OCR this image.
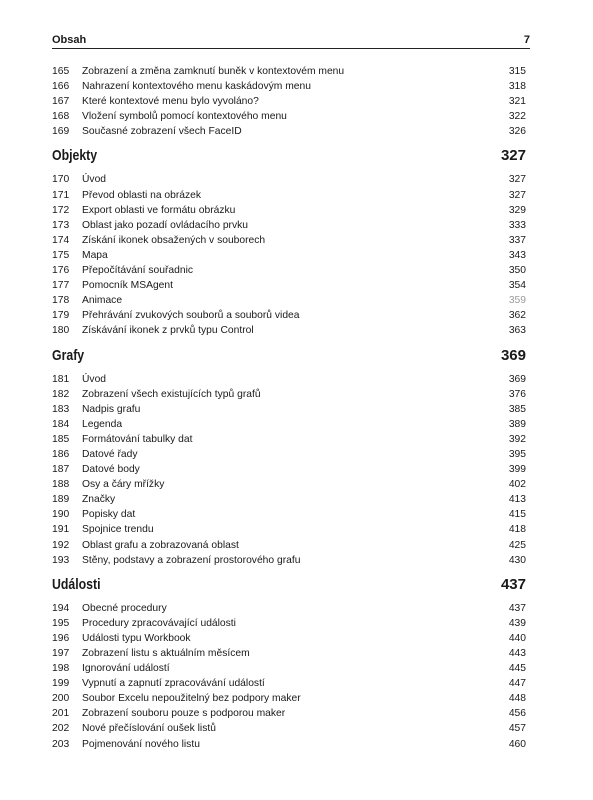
Obsah	7
165	Zobrazení a změna zamknutí buněk v kontextovém menu	315
166	Nahrazení kontextového menu kaskádovým menu	318
167	Které kontextové menu bylo vyvoláno?	321
168	Vložení symbolů pomocí kontextového menu	322
169	Současné zobrazení všech FaceID	326
Objekty	327
170	Úvod	327
171	Převod oblasti na obrázek	327
172	Export oblasti ve formátu obrázku	329
173	Oblast jako pozadí ovládacího prvku	333
174	Získání ikonek obsažených v souborech	337
175	Mapa	343
176	Přepočítávání souřadnic	350
177	Pomocník MSAgent	354
178	Animace	359
179	Přehrávání zvukových souborů a souborů videa	362
180	Získávání ikonek z prvků typu Control	363
Grafy	369
181	Úvod	369
182	Zobrazení všech existujících typů grafů	376
183	Nadpis grafu	385
184	Legenda	389
185	Formátování tabulky dat	392
186	Datové řady	395
187	Datové body	399
188	Osy a čáry mřížky	402
189	Značky	413
190	Popisky dat	415
191	Spojnice trendu	418
192	Oblast grafu a zobrazovaná oblast	425
193	Stěny, podstavy a zobrazení prostorového grafu	430
Události	437
194	Obecné procedury	437
195	Procedury zpracovávající události	439
196	Události typu Workbook	440
197	Zobrazení listu s aktuálním měsícem	443
198	Ignorování událostí	445
199	Vypnutí a zapnutí zpracovávání událostí	447
200	Soubor Excelu nepoužitelný bez podpory maker	448
201	Zobrazení souboru pouze s podporou maker	456
202	Nové přečíslování oušek listů	457
203	Pojmenování nového listu	460
